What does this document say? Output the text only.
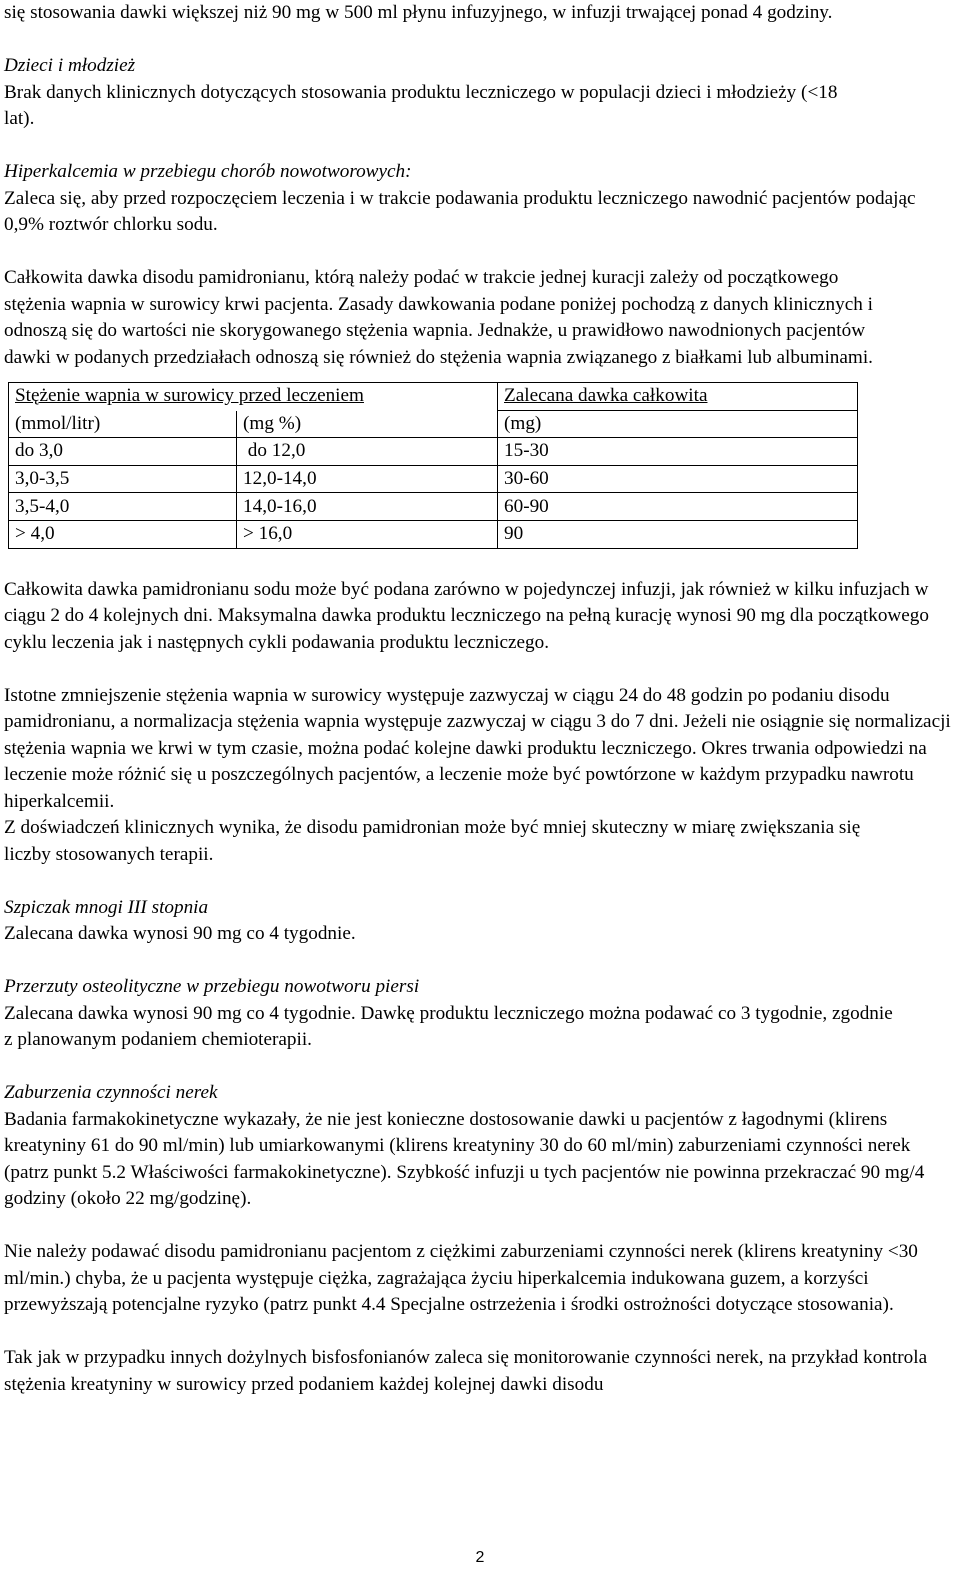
się stosowania dawki większej niż 90 mg w 500 ml płynu infuzyjnego, w infuzji trwającej ponad 4 godziny.

Dzieci i młodzież

Brak danych klinicznych dotyczących stosowania produktu leczniczego w populacji dzieci i młodzieży (<18 lat).

Hiperkalcemia w przebiegu chorób nowotworowych:

Zaleca się, aby przed rozpoczęciem leczenia i w trakcie podawania produktu leczniczego nawodnić pacjentów podając 0,9% roztwór chlorku sodu.

Całkowita dawka disodu pamidronianu, którą należy podać w trakcie jednej kuracji zależy od początkowego stężenia wapnia w surowicy krwi pacjenta. Zasady dawkowania podane poniżej pochodzą z danych klinicznych i odnoszą się do wartości nie skorygowanego stężenia wapnia. Jednakże, u prawidłowo nawodnionych pacjentów dawki w podanych przedziałach odnoszą się również do stężenia wapnia związanego z białkami lub albuminami.

Stężenie wapnia w surowicy przed leczeniem		Zalecana dawka całkowita
(mmol/litr)	(mg %)	(mg)
do 3,0	do 12,0	15-30
3,0-3,5	12,0-14,0	30-60
3,5-4,0	14,0-16,0	60-90
> 4,0	> 16,0	90

Całkowita dawka pamidronianu sodu może być podana zarówno w pojedynczej infuzji, jak również w kilku infuzjach w ciągu 2 do 4 kolejnych dni. Maksymalna dawka produktu leczniczego na pełną kurację wynosi 90 mg dla początkowego cyklu leczenia jak i następnych cykli podawania produktu leczniczego.

Istotne zmniejszenie stężenia wapnia w surowicy występuje zazwyczaj w ciągu 24 do 48 godzin po podaniu disodu pamidronianu, a normalizacja stężenia wapnia występuje zazwyczaj w ciągu 3 do 7 dni. Jeżeli nie osiągnie się normalizacji stężenia wapnia we krwi w tym czasie, można podać kolejne dawki produktu leczniczego. Okres trwania odpowiedzi na leczenie może różnić się u poszczególnych pacjentów, a leczenie może być powtórzone w każdym przypadku nawrotu hiperkalcemii.

Z doświadczeń klinicznych wynika, że disodu pamidronian może być mniej skuteczny w miarę zwiększania się liczby stosowanych terapii.

Szpiczak mnogi III stopnia

Zalecana dawka wynosi 90 mg co 4 tygodnie.

Przerzuty osteolityczne w przebiegu nowotworu piersi

Zalecana dawka wynosi 90 mg co 4 tygodnie. Dawkę produktu leczniczego można podawać co 3 tygodnie, zgodnie z planowanym podaniem chemioterapii.

Zaburzenia czynności nerek

Badania farmakokinetyczne wykazały, że nie jest konieczne dostosowanie dawki u pacjentów z łagodnymi (klirens kreatyniny 61 do 90 ml/min) lub umiarkowanymi (klirens kreatyniny 30 do 60 ml/min) zaburzeniami czynności nerek (patrz punkt 5.2 Właściwości farmakokinetyczne). Szybkość infuzji u tych pacjentów nie powinna przekraczać 90 mg/4 godziny (około 22 mg/godzinę).

Nie należy podawać disodu pamidronianu pacjentom z ciężkimi zaburzeniami czynności nerek (klirens kreatyniny <30 ml/min.) chyba, że u pacjenta występuje ciężka, zagrażająca życiu hiperkalcemia indukowana guzem, a korzyści przewyższają potencjalne ryzyko (patrz punkt 4.4 Specjalne ostrzeżenia i środki ostrożności dotyczące stosowania).

Tak jak w przypadku innych dożylnych bisfosfonianów zaleca się monitorowanie czynności nerek, na przykład kontrola stężenia kreatyniny w surowicy przed podaniem każdej kolejnej dawki disodu

2
